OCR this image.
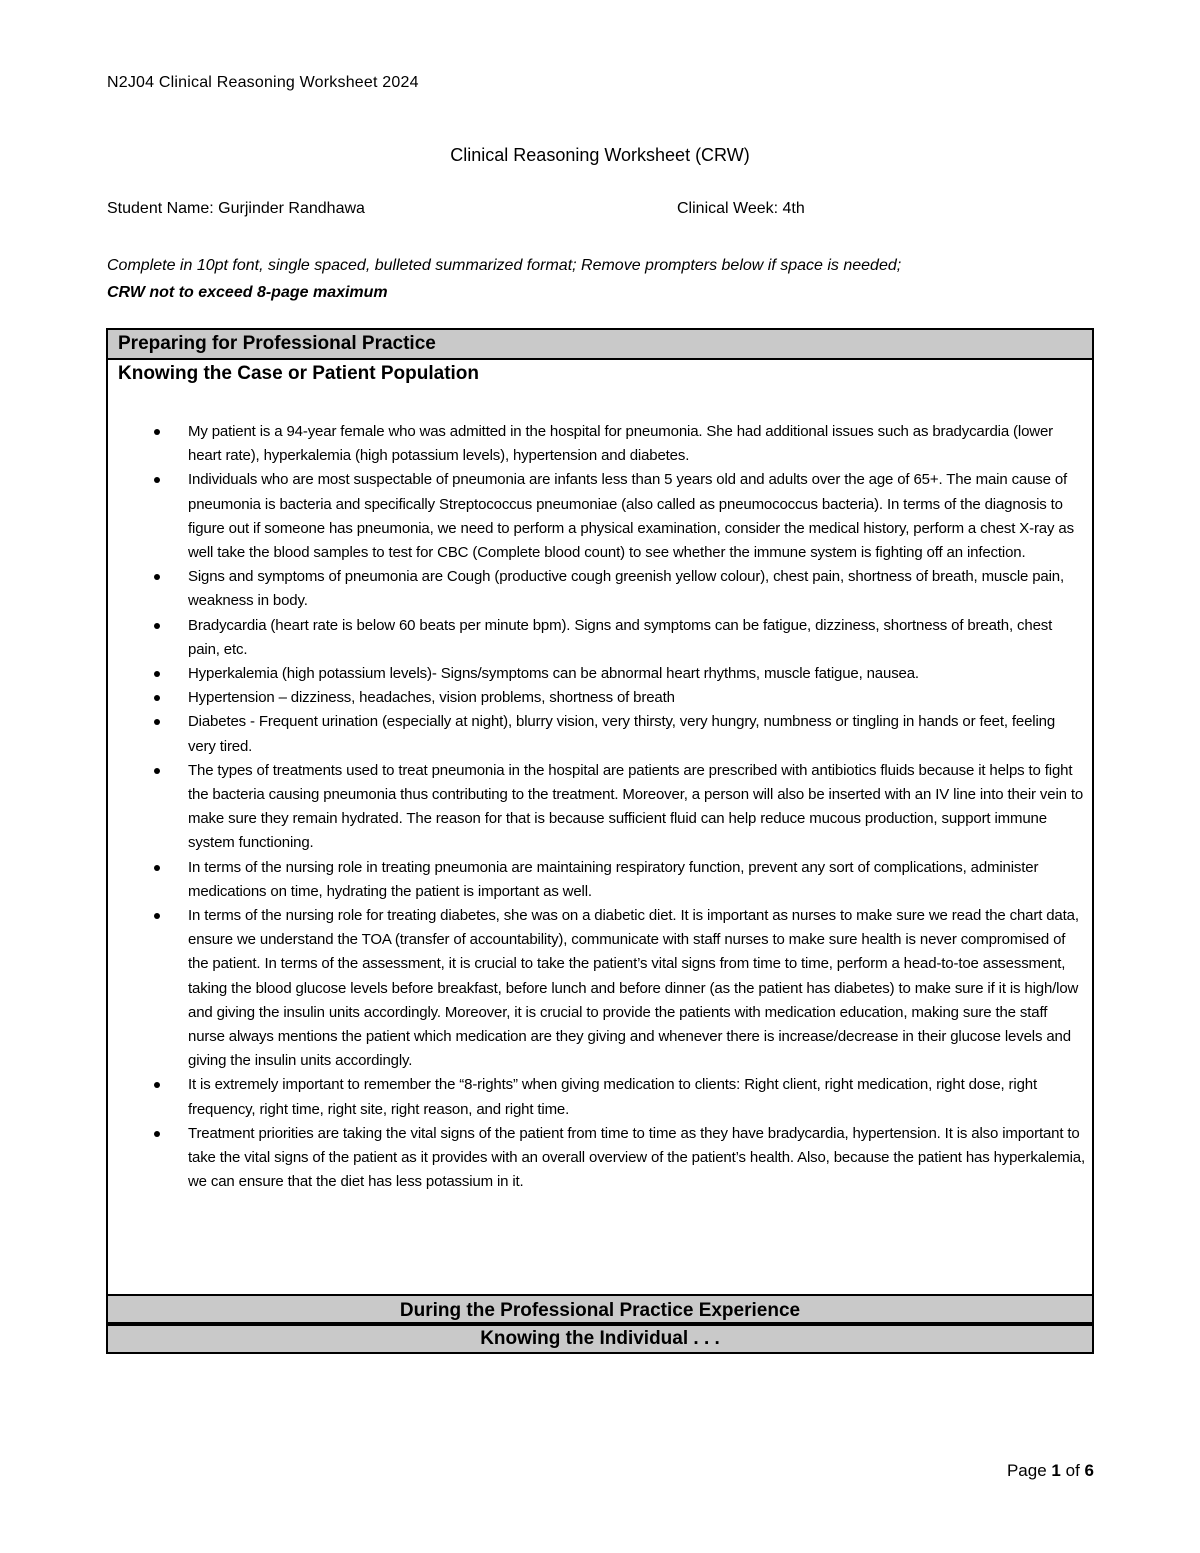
N2J04 Clinical Reasoning Worksheet 2024
Clinical Reasoning Worksheet (CRW)
Student Name: Gurjinder Randhawa	Clinical Week: 4th
Complete in 10pt font, single spaced, bulleted summarized format; Remove prompters below if space is needed;
CRW not to exceed 8-page maximum
Preparing for Professional Practice
Knowing the Case or Patient Population
My patient is a 94-year female who was admitted in the hospital for pneumonia. She had additional issues such as bradycardia (lower heart rate), hyperkalemia (high potassium levels), hypertension and diabetes.
Individuals who are most suspectable of pneumonia are infants less than 5 years old and adults over the age of 65+. The main cause of pneumonia is bacteria and specifically Streptococcus pneumoniae (also called as pneumococcus bacteria). In terms of the diagnosis to figure out if someone has pneumonia, we need to perform a physical examination, consider the medical history, perform a chest X-ray as well take the blood samples to test for CBC (Complete blood count) to see whether the immune system is fighting off an infection.
Signs and symptoms of pneumonia are Cough (productive cough greenish yellow colour), chest pain, shortness of breath, muscle pain, weakness in body.
Bradycardia (heart rate is below 60 beats per minute bpm). Signs and symptoms can be fatigue, dizziness, shortness of breath, chest pain, etc.
Hyperkalemia (high potassium levels)- Signs/symptoms can be abnormal heart rhythms, muscle fatigue, nausea.
Hypertension – dizziness, headaches, vision problems, shortness of breath
Diabetes - Frequent urination (especially at night), blurry vision, very thirsty, very hungry, numbness or tingling in hands or feet, feeling very tired.
The types of treatments used to treat pneumonia in the hospital are patients are prescribed with antibiotics fluids because it helps to fight the bacteria causing pneumonia thus contributing to the treatment. Moreover, a person will also be inserted with an IV line into their vein to make sure they remain hydrated. The reason for that is because sufficient fluid can help reduce mucous production, support immune system functioning.
In terms of the nursing role in treating pneumonia are maintaining respiratory function, prevent any sort of complications, administer medications on time, hydrating the patient is important as well.
In terms of the nursing role for treating diabetes, she was on a diabetic diet. It is important as nurses to make sure we read the chart data, ensure we understand the TOA (transfer of accountability), communicate with staff nurses to make sure health is never compromised of the patient. In terms of the assessment, it is crucial to take the patient’s vital signs from time to time, perform a head-to-toe assessment, taking the blood glucose levels before breakfast, before lunch and before dinner (as the patient has diabetes) to make sure if it is high/low and giving the insulin units accordingly. Moreover, it is crucial to provide the patients with medication education, making sure the staff nurse always mentions the patient which medication are they giving and whenever there is increase/decrease in their glucose levels and giving the insulin units accordingly.
It is extremely important to remember the “8-rights” when giving medication to clients: Right client, right medication, right dose, right frequency, right time, right site, right reason, and right time.
Treatment priorities are taking the vital signs of the patient from time to time as they have bradycardia, hypertension. It is also important to take the vital signs of the patient as it provides with an overall overview of the patient’s health. Also, because the patient has hyperkalemia, we can ensure that the diet has less potassium in it.
During the Professional Practice Experience
Knowing the Individual . . .
Page 1 of 6
